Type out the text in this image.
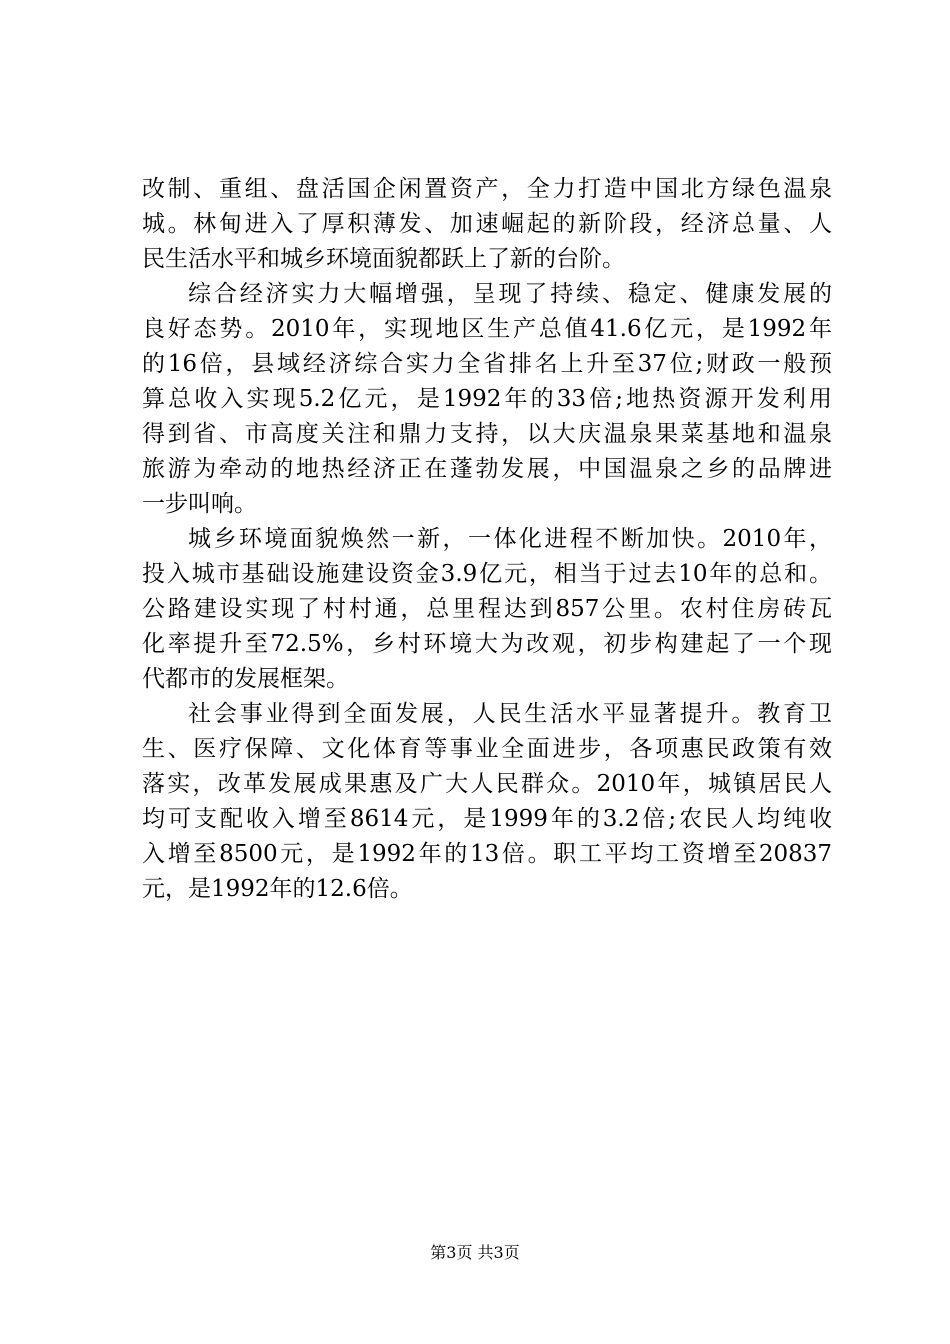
改制、重组、盘活国企闲置资产，全力打造中国北方绿色温泉
城。林甸进入了厚积薄发、加速崛起的新阶段，经济总量、人
民生活水平和城乡环境面貌都跃上了新的台阶。
综合经济实力大幅增强，呈现了持续、稳定、健康发展的
良好态势。2010年，实现地区生产总值41.6亿元，是1992年
的16倍，县域经济综合实力全省排名上升至37位;财政一般预
算总收入实现5.2亿元，是1992年的33倍;地热资源开发利用
得到省、市高度关注和鼎力支持，以大庆温泉果菜基地和温泉
旅游为牵动的地热经济正在蓬勃发展，中国温泉之乡的品牌进
一步叫响。
城乡环境面貌焕然一新，一体化进程不断加快。2010年，
投入城市基础设施建设资金3.9亿元，相当于过去10年的总和。
公路建设实现了村村通，总里程达到857公里。农村住房砖瓦
化率提升至72.5%，乡村环境大为改观，初步构建起了一个现
代都市的发展框架。
社会事业得到全面发展，人民生活水平显著提升。教育卫
生、医疗保障、文化体育等事业全面进步，各项惠民政策有效
落实，改革发展成果惠及广大人民群众。2010年，城镇居民人
均可支配收入增至8614元，是1999年的3.2倍;农民人均纯收
入增至8500元，是1992年的13倍。职工平均工资增至20837
元，是1992年的12.6倍。
第3页 共3页
